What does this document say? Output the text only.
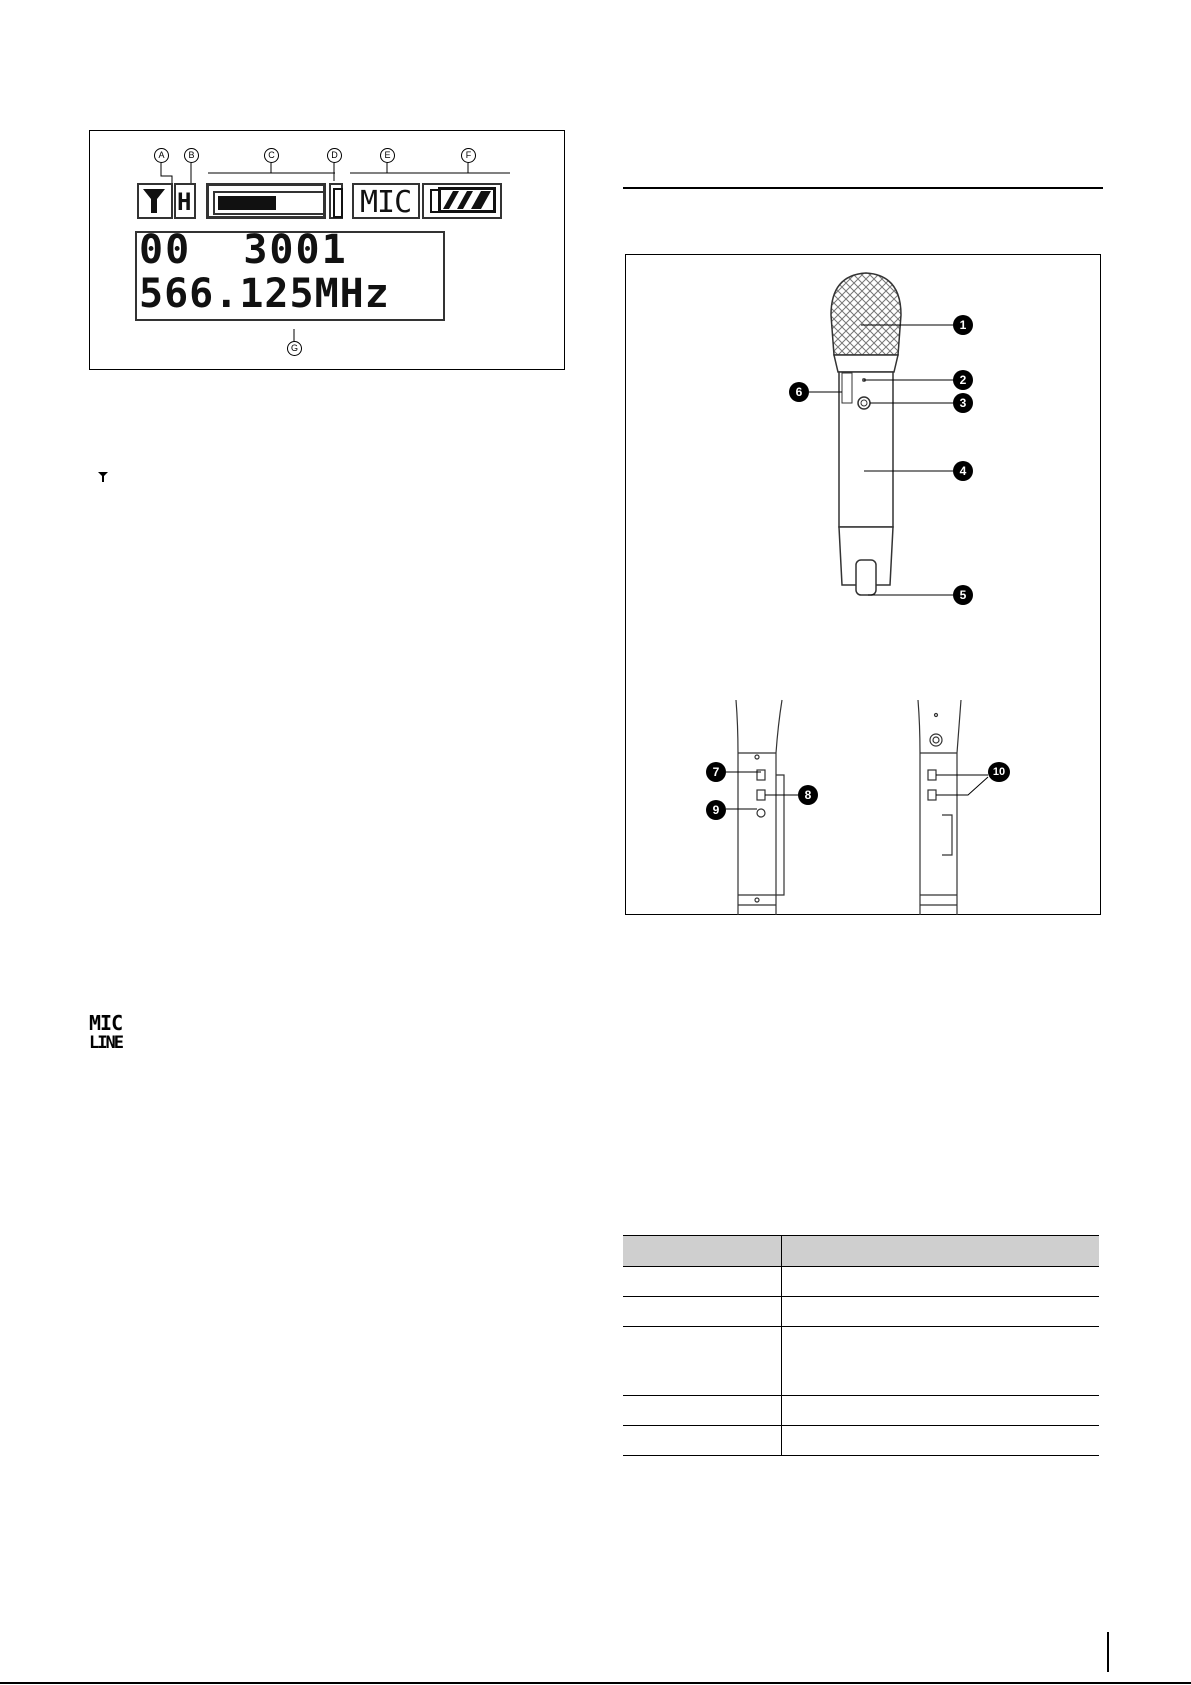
A	B	C	D	E	F
G
H	MIC
00  3001
566.125MHz
MIC
LINE
1
2
3
4
5
6
7
8
9
10
